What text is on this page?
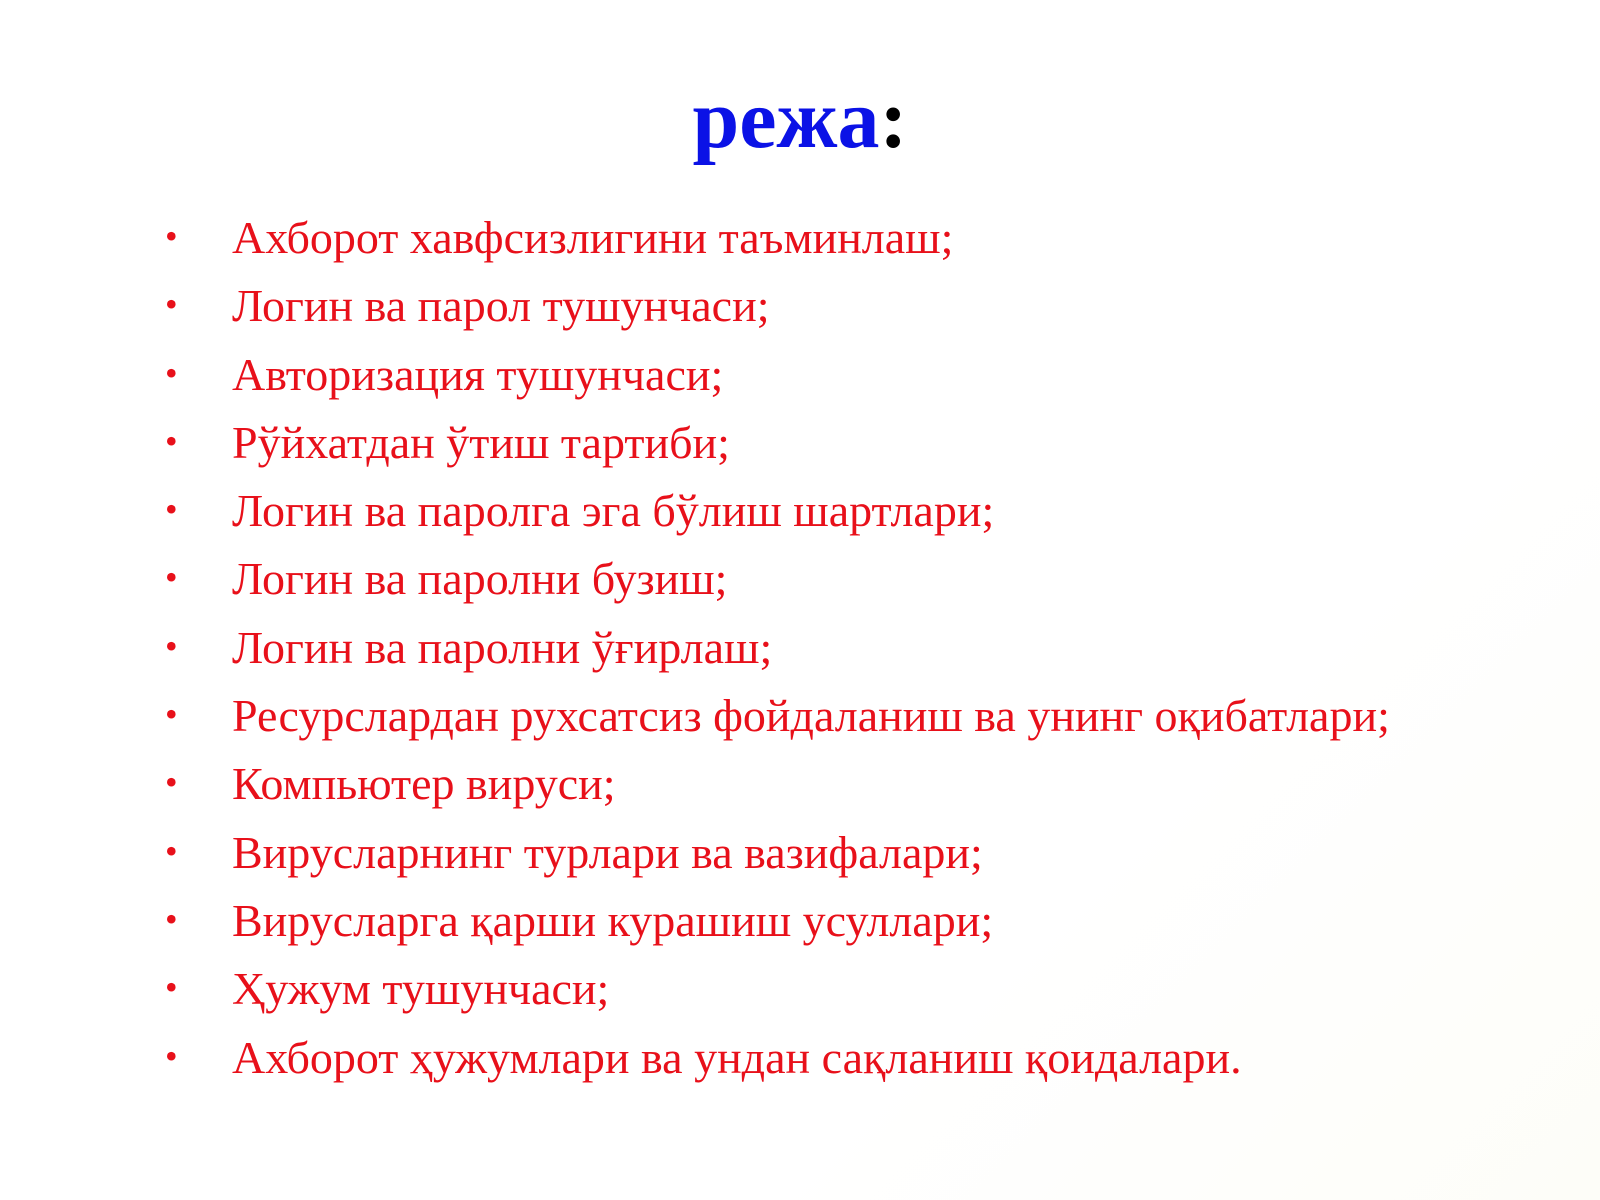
режа:
•	Ахборот хавфсизлигини таъминлаш;
•	Логин ва парол тушунчаси;
•	Авторизация тушунчаси;
•	Рўйхатдан ўтиш тартиби;
•	Логин ва паролга эга бўлиш шартлари;
•	Логин ва паролни бузиш;
•	Логин ва паролни ўғирлаш;
•	Ресурслардан рухсатсиз фойдаланиш ва унинг оқибатлари;
•	Компьютер вируси;
•	Вирусларнинг турлари ва вазифалари;
•	Вирусларга қарши курашиш усуллари;
•	Ҳужум тушунчаси;
•	Ахборот ҳужумлари ва ундан сақланиш қоидалари.
